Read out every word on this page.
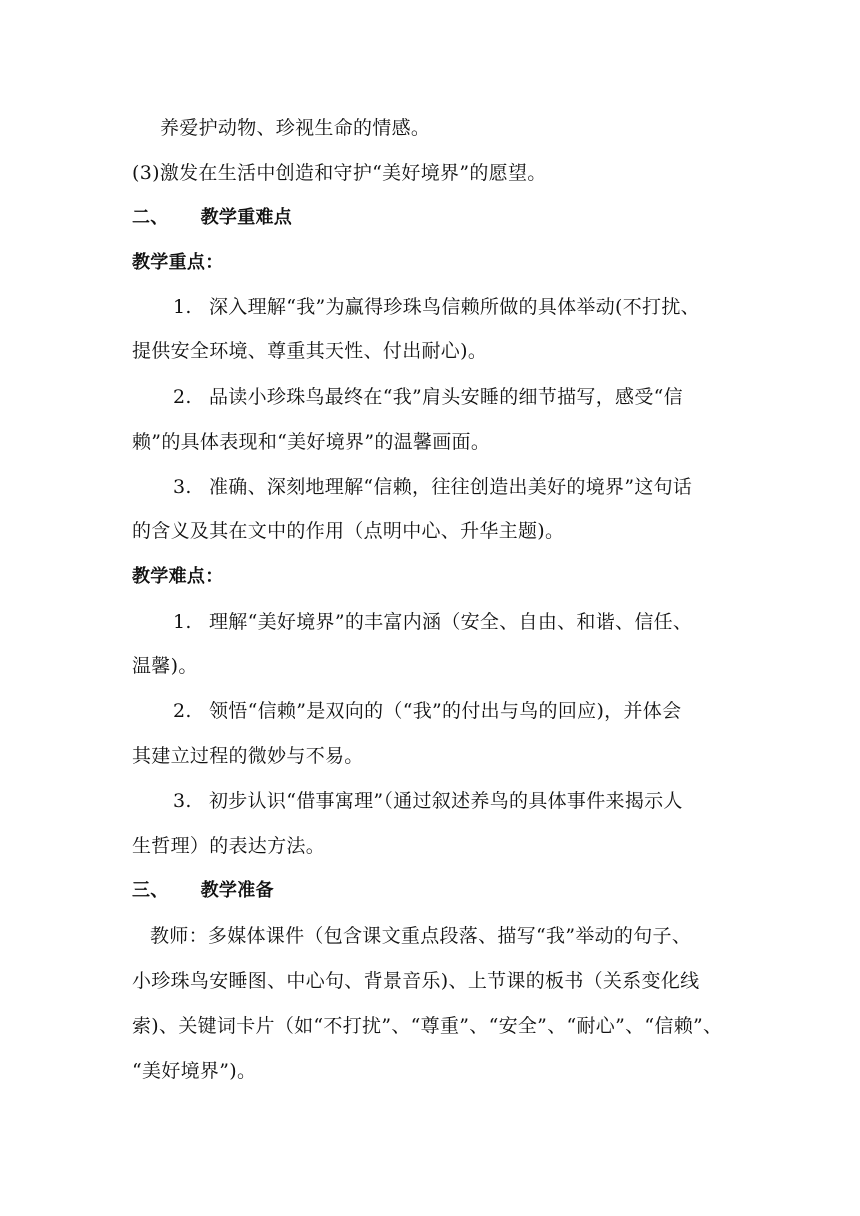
养爱护动物、珍视生命的情感。
(3)激发在生活中创造和守护“美好境界”的愿望。
二、 教学重难点
教学重点：
1. 深入理解“我”为赢得珍珠鸟信赖所做的具体举动(不打扰、
提供安全环境、尊重其天性、付出耐心)。
2. 品读小珍珠鸟最终在“我”肩头安睡的细节描写，感受“信
赖”的具体表现和“美好境界”的温馨画面。
3. 准确、深刻地理解“信赖，往往创造出美好的境界”这句话
的含义及其在文中的作用（点明中心、升华主题)。
教学难点：
1. 理解“美好境界”的丰富内涵（安全、自由、和谐、信任、
温馨)。
2. 领悟“信赖”是双向的（“我”的付出与鸟的回应)，并体会
其建立过程的微妙与不易。
3. 初步认识“借事寓理”（通过叙述养鸟的具体事件来揭示人
生哲理）的表达方法。
三、 教学准备
教师：多媒体课件（包含课文重点段落、描写“我”举动的句子、
小珍珠鸟安睡图、中心句、背景音乐)、上节课的板书（关系变化线
索)、关键词卡片（如“不打扰”、“尊重”、“安全”、“耐心”、“信赖”、
“美好境界”)。
